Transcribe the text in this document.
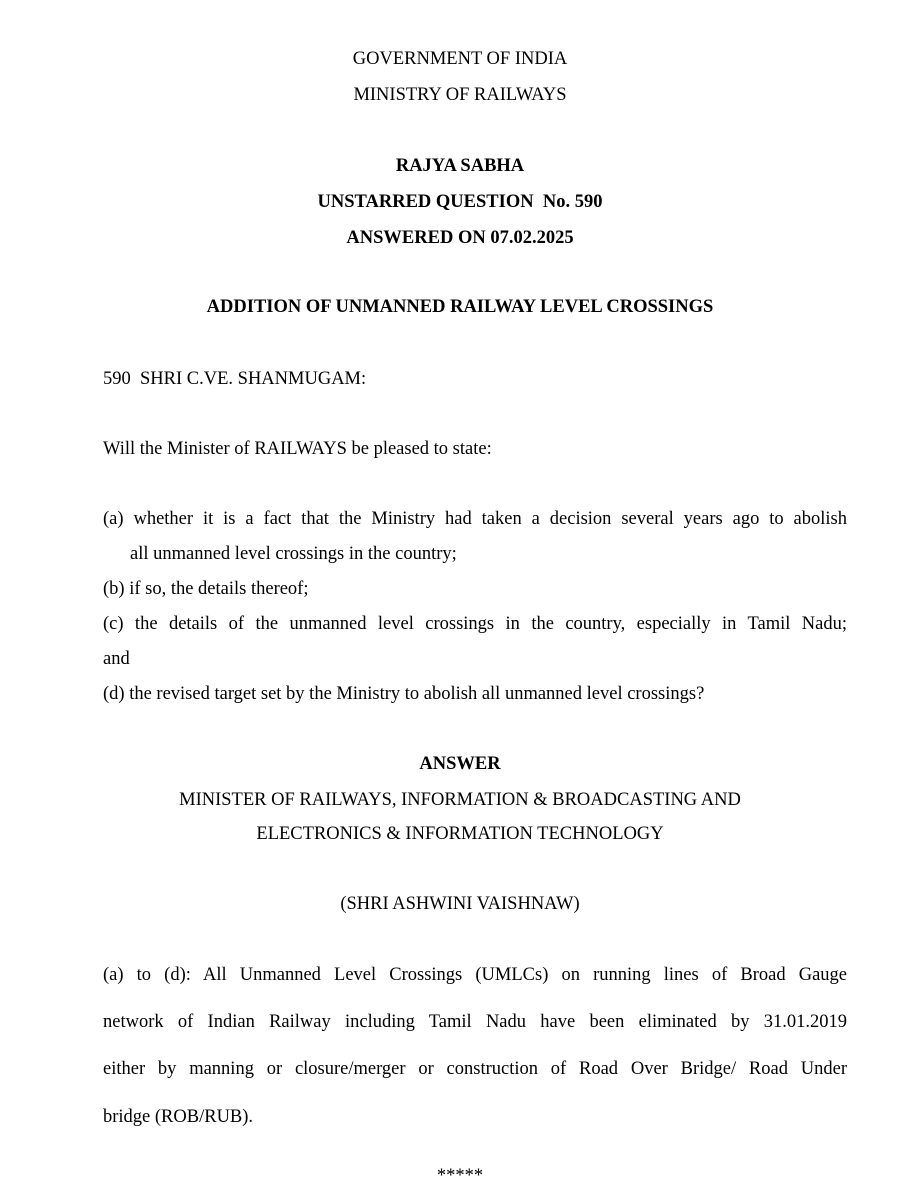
GOVERNMENT OF INDIA
MINISTRY OF RAILWAYS
RAJYA SABHA
UNSTARRED QUESTION  No. 590
ANSWERED ON 07.02.2025
ADDITION OF UNMANNED RAILWAY LEVEL CROSSINGS
590  SHRI C.VE. SHANMUGAM:
Will the Minister of RAILWAYS be pleased to state:
(a) whether it is a fact that the Ministry had taken a decision several years ago to abolish
all unmanned level crossings in the country;
(b) if so, the details thereof;
(c) the details of the unmanned level crossings in the country, especially in Tamil Nadu;
and
(d) the revised target set by the Ministry to abolish all unmanned level crossings?
ANSWER
MINISTER OF RAILWAYS, INFORMATION & BROADCASTING AND
ELECTRONICS & INFORMATION TECHNOLOGY
(SHRI ASHWINI VAISHNAW)
(a) to (d): All Unmanned Level Crossings (UMLCs) on running lines of Broad Gauge
network of Indian Railway including Tamil Nadu have been eliminated by 31.01.2019
either by manning or closure/merger or construction of Road Over Bridge/ Road Under
bridge (ROB/RUB).
*****
